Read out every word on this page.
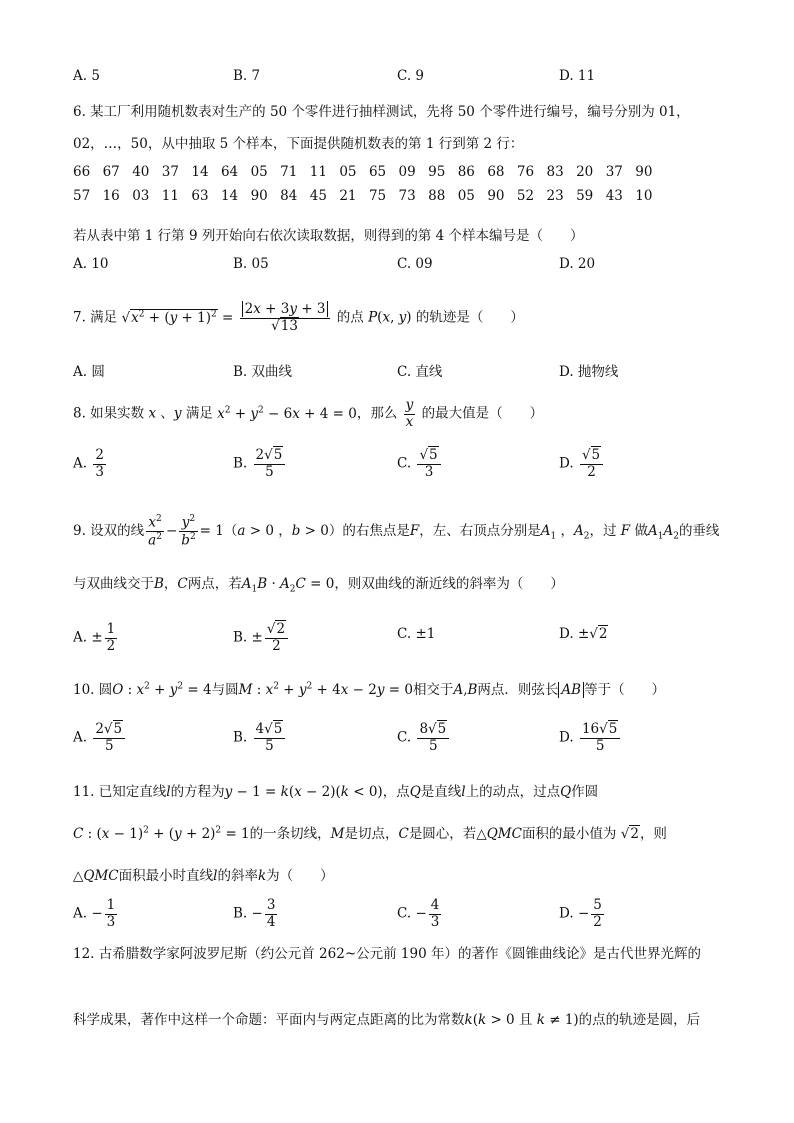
A. 5	B. 7	C. 9	D. 11
6. 某工厂利用随机数表对生产的 50 个零件进行抽样测试，先将 50 个零件进行编号，编号分别为 01，
02，…，50，从中抽取 5 个样本，下面提供随机数表的第 1 行到第 2 行：
66 67 40 37 14 64 05 71 11 05 65 09 95 86 68 76 83 20 37 90
57 16 03 11 63 14 90 84 45 21 75 73 88 05 90 52 23 59 43 10
若从表中第 1 行第 9 列开始向右依次读取数据，则得到的第 4 个样本编号是（　　）
A. 10	B. 05	C. 09	D. 20
7. 满足 $√x^2 + (y + 1)^2 = \frac{2x + 3y + 3}{√13}$ 的点 P(x, y) 的轨迹是（　　）
A. 圆	B. 双曲线	C. 直线	D. 抛物线
8. 如果实数 x 、y 满足 $x^2 + y^2 - 6x + 4 = 0$，那么 $\frac{y}{x}$ 的最大值是（　　）
A. $\frac{2}{3}$	B. $\frac{2√5}{5}$	C. $\frac{√5}{3}$	D. $\frac{√5}{2}$
9. 设双的线 $\frac{x^2}{a^2} - \frac{y^2}{b^2} = 1(a > 0$ ，b > 0）的右焦点是F，左、右顶点分别是$A_1$ ，$A_2$，过 F 做$A_1A_2$的垂线
与双曲线交于B，C两点，若$A_1B \cdot A_2C = 0$，则双曲线的渐近线的斜率为（　　）
A. ± $\frac{1}{2}$	B. ± $\frac{√2}{2}$	C. ±1	D. ±√2
10. 圆O : $x^2 + y^2 = 4$与圆M : $x^2 + y^2 + 4x - 2y = 0$相交于A,B两点．则弦长 AB 等于（　　）
A. $\frac{2√5}{5}$	B. $\frac{4√5}{5}$	C. $\frac{8√5}{5}$	D. $\frac{16√5}{5}$
11. 已知定直线l的方程为y − 1 = k(x − 2)(k < 0)，点Q是直线l上的动点，过点Q作圆
C : $(x - 1)^2 + (y + 2)^2 = 1$的一条切线，M是切点，C是圆心，若△QMC面积的最小值为 √2，则
△QMC面积最小时直线l的斜率k为（　　）
A. − $\frac{1}{3}$	B. − $\frac{3}{4}$	C. − $\frac{4}{3}$	D. − $\frac{5}{2}$
12. 古希腊数学家阿波罗尼斯（约公元首 262~公元前 190 年）的著作《圆锥曲线论》是古代世界光辉的
科学成果，著作中这样一个命题：平面内与两定点距离的比为常数k(k > 0 且 k ≠ 1)的点的轨迹是圆，后
